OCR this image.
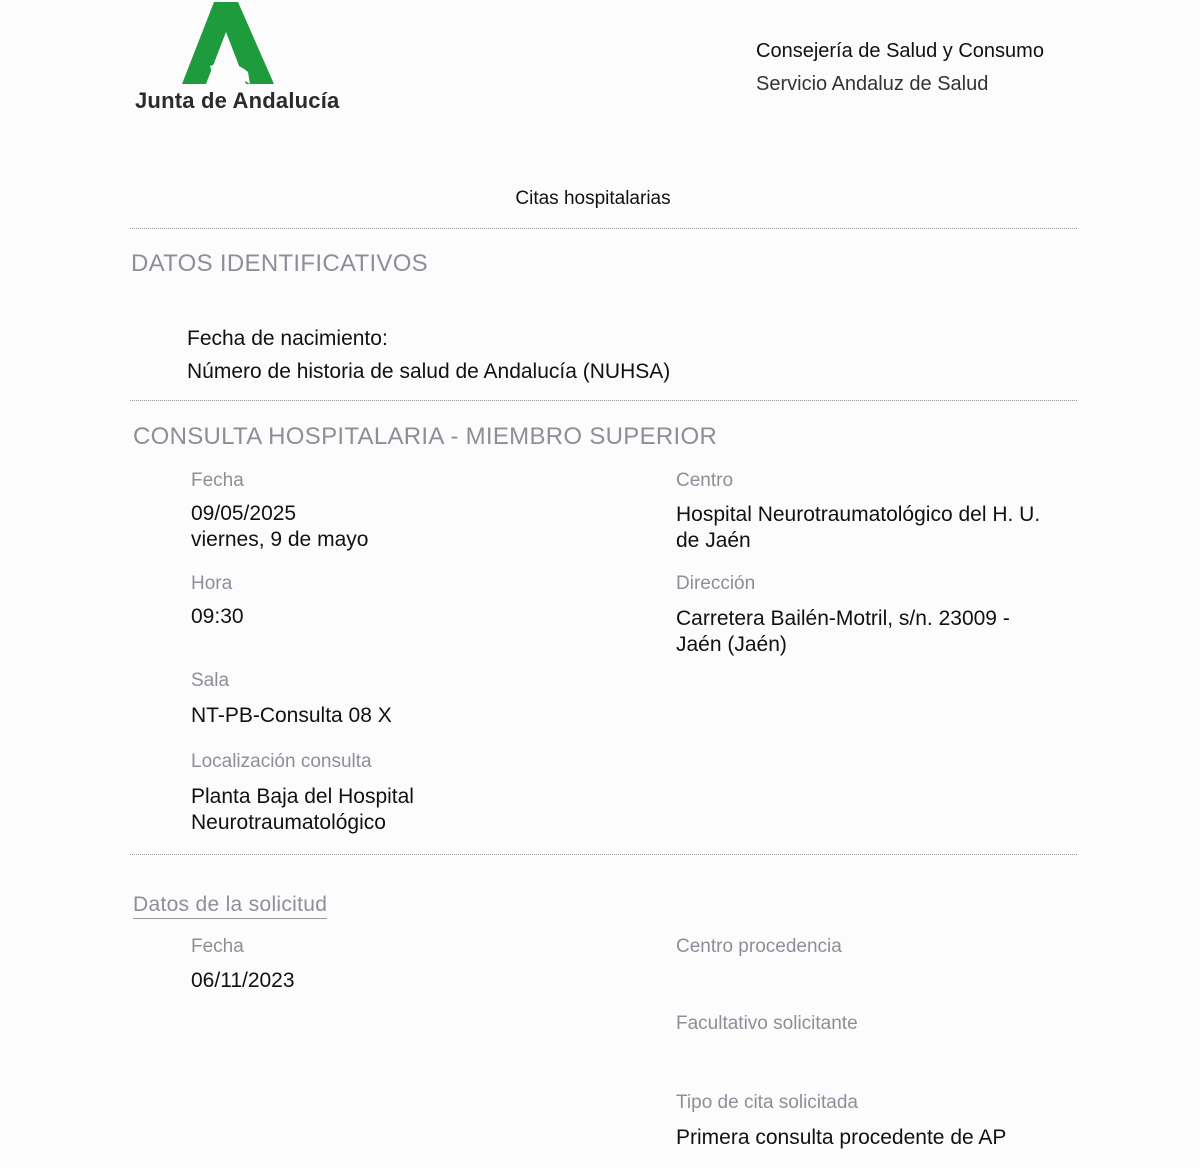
Junta de Andalucía
Consejería de Salud y Consumo
Servicio Andaluz de Salud
Citas hospitalarias
DATOS IDENTIFICATIVOS
Fecha de nacimiento:
Número de historia de salud de Andalucía (NUHSA)
CONSULTA HOSPITALARIA - MIEMBRO SUPERIOR
Fecha
09/05/2025
viernes, 9 de mayo
Hora
09:30
Sala
NT-PB-Consulta 08 X
Localización consulta
Planta Baja del Hospital
Neurotraumatológico
Centro
Hospital Neurotraumatológico del H. U.
de Jaén
Dirección
Carretera Bailén-Motril, s/n. 23009 -
Jaén (Jaén)
Datos de la solicitud
Fecha
06/11/2023
Centro procedencia
Facultativo solicitante
Tipo de cita solicitada
Primera consulta procedente de AP
